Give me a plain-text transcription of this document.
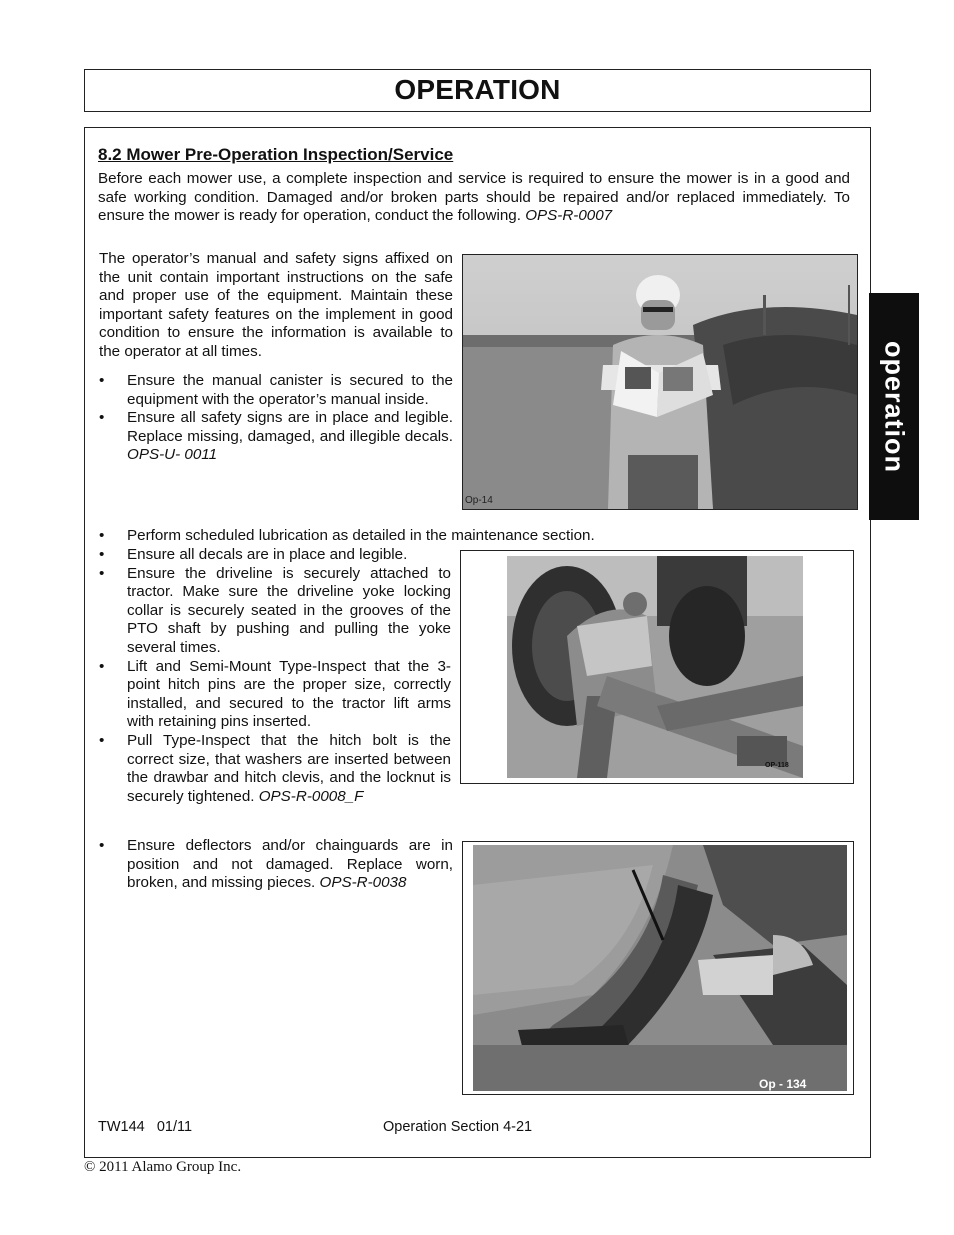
OPERATION
operation
8.2 Mower Pre-Operation Inspection/Service
Before each mower use, a complete inspection and service is required to ensure the mower is in a good and safe working condition. Damaged and/or broken parts should be repaired and/or replaced immediately. To ensure the mower is ready for operation, conduct the following. OPS-R-0007
The operator’s manual and safety signs affixed on the unit contain important instructions on the safe and proper use of the equipment. Maintain these important safety features on the implement in good condition to ensure the information is available to the operator at all times.
• Ensure the manual canister is secured to the equipment with the operator’s manual inside.
• Ensure all safety signs are in place and legible. Replace missing, damaged, and illegible decals. OPS-U- 0011
Op-14
• Perform scheduled lubrication as detailed in the maintenance section.
• Ensure all decals are in place and legible.
• Ensure the driveline is securely attached to tractor. Make sure the driveline yoke locking collar is securely seated in the grooves of the PTO shaft by pushing and pulling the yoke several times.
• Lift and Semi-Mount Type-Inspect that the 3-point hitch pins are the proper size, correctly installed, and secured to the tractor lift arms with retaining pins inserted.
• Pull Type-Inspect that the hitch bolt is the correct size, that washers are inserted between the drawbar and hitch clevis, and the locknut is securely tightened. OPS-R-0008_F
OP-118
• Ensure deflectors and/or chainguards are in position and not damaged. Replace worn, broken, and missing pieces. OPS-R-0038
Op - 134
TW144   01/11	Operation Section 4-21
© 2011 Alamo Group Inc.
